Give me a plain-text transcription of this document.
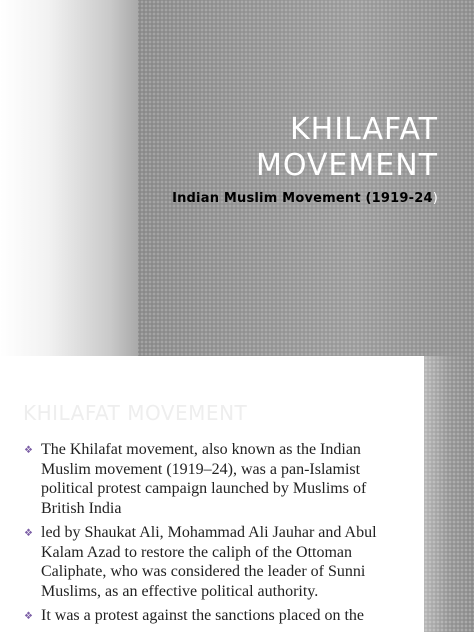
KHILAFAT
MOVEMENT
Indian Muslim Movement (1919-24)
KHILAFAT MOVEMENT
❖ The Khilafat movement, also known as the Indian Muslim movement (1919–24), was a pan-Islamist political protest campaign launched by Muslims of British India
❖ led by Shaukat Ali, Mohammad Ali Jauhar and Abul Kalam Azad to restore the caliph of the Ottoman Caliphate, who was considered the leader of Sunni Muslims, as an effective political authority.
❖ It was a protest against the sanctions placed on the
